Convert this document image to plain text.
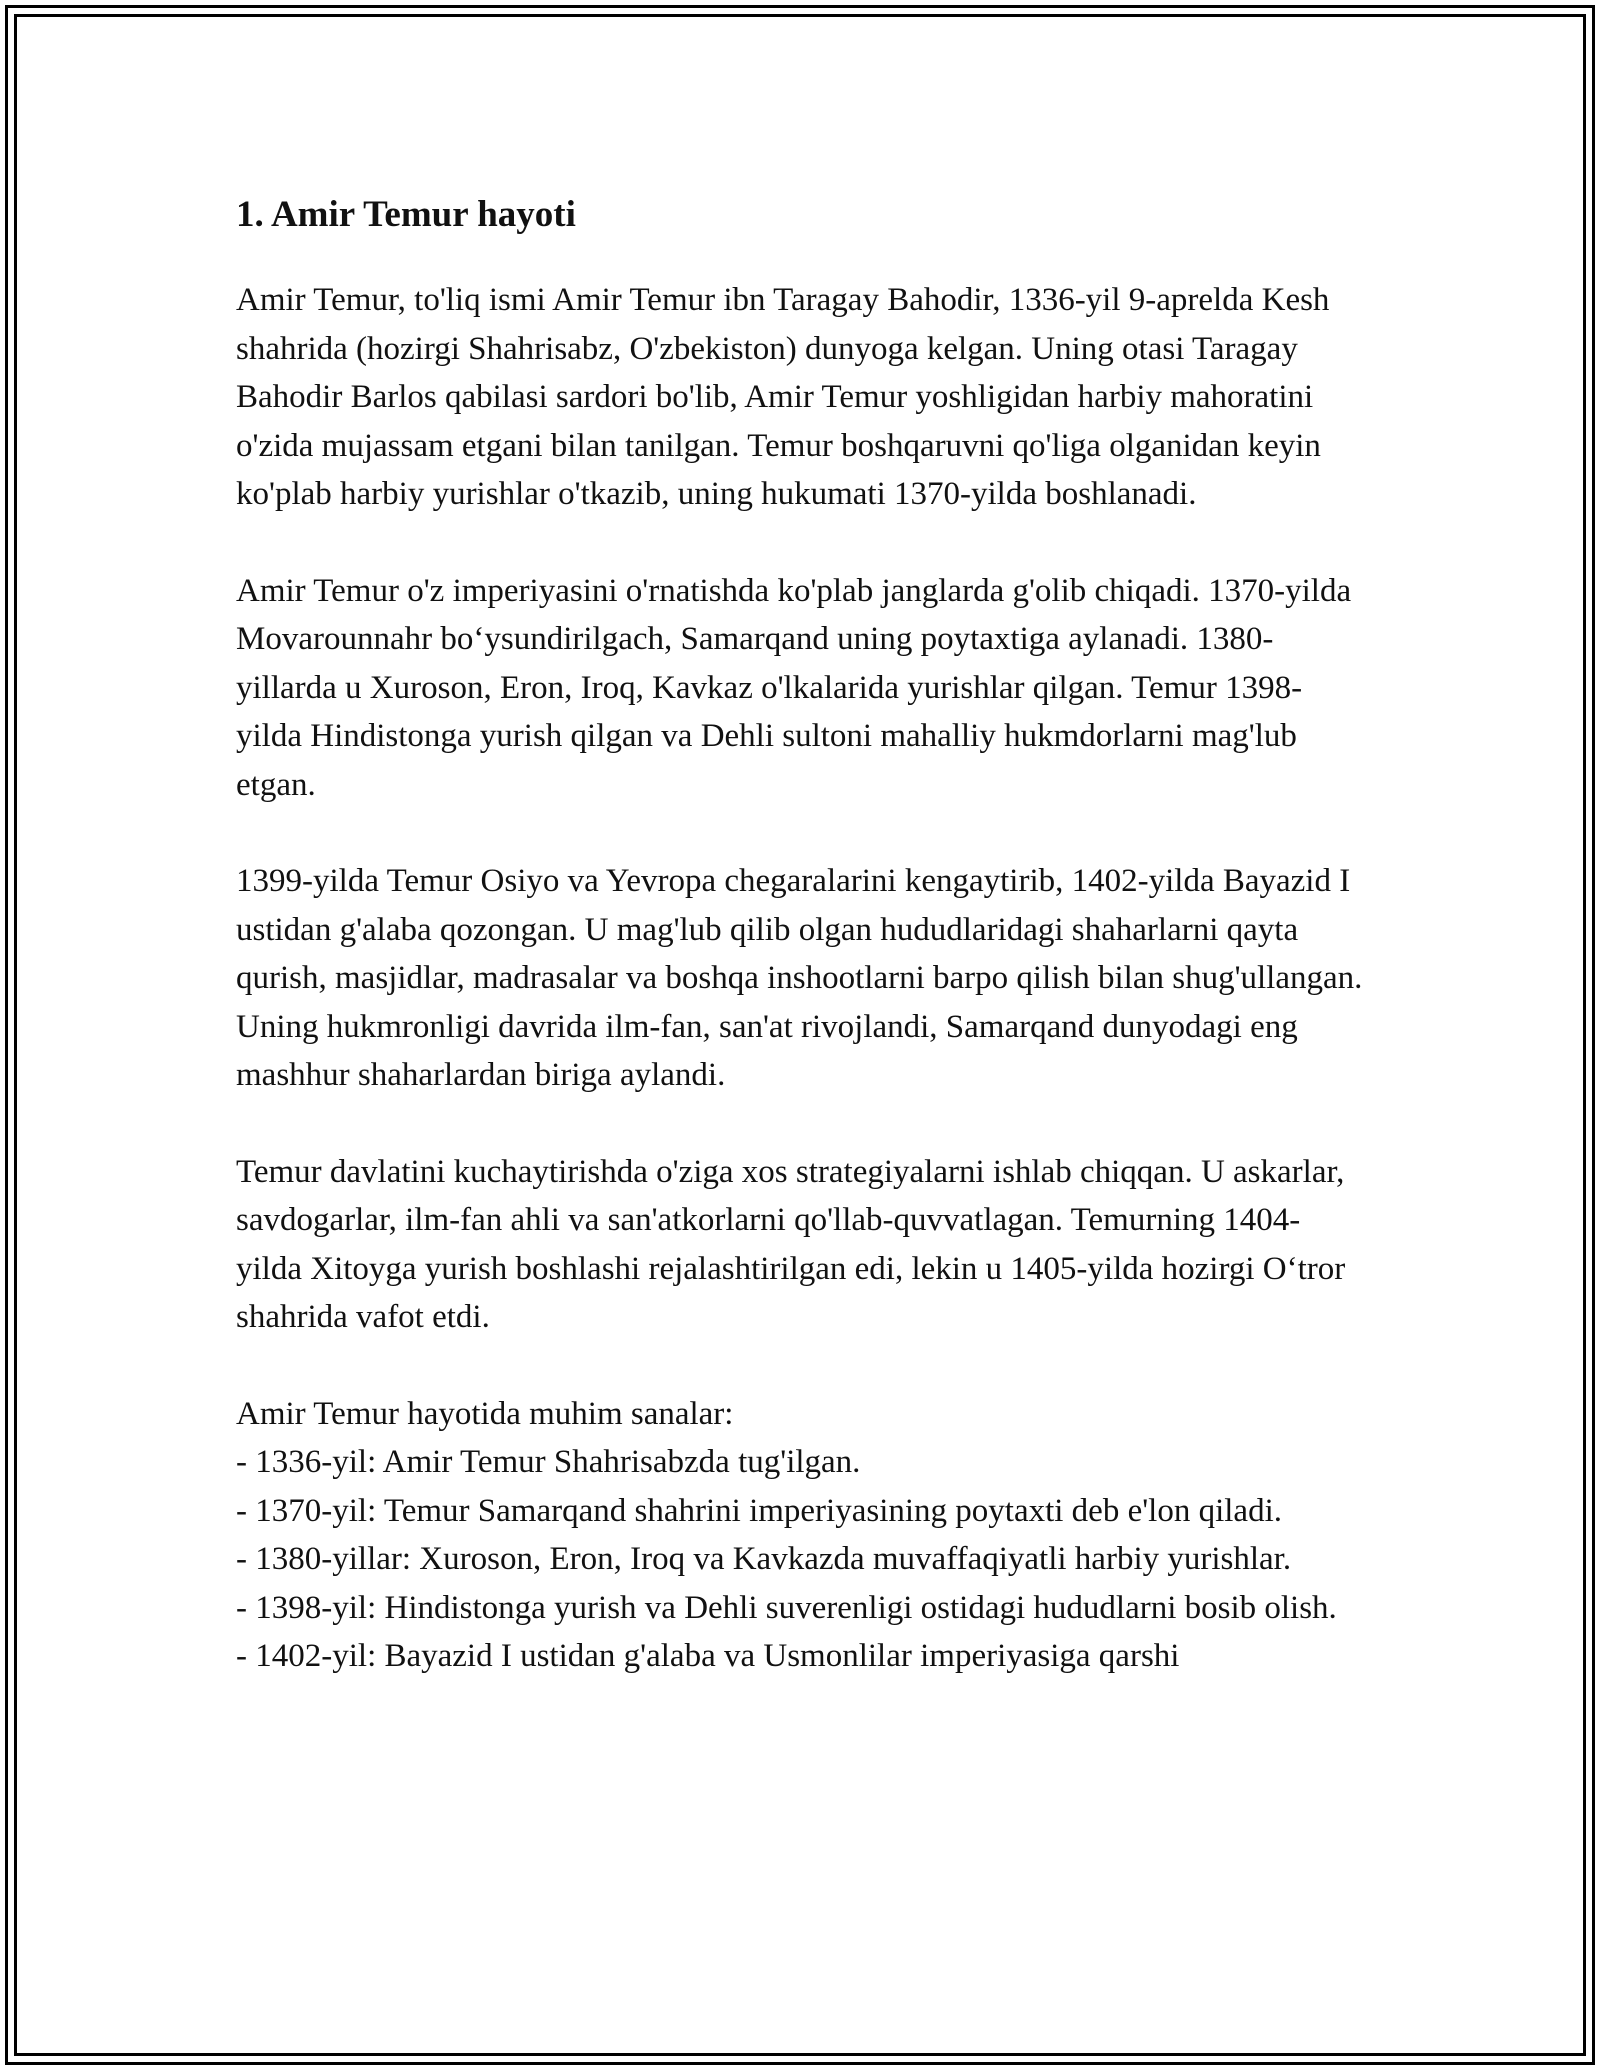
1. Amir Temur hayoti

Amir Temur, to'liq ismi Amir Temur ibn Taragay Bahodir, 1336-yil 9-aprelda Kesh shahrida (hozirgi Shahrisabz, O'zbekiston) dunyoga kelgan. Uning otasi Taragay Bahodir Barlos qabilasi sardori bo'lib, Amir Temur yoshligidan harbiy mahoratini o'zida mujassam etgani bilan tanilgan. Temur boshqaruvni qo'liga olganidan keyin ko'plab harbiy yurishlar o'tkazib, uning hukumati 1370-yilda boshlanadi.

Amir Temur o'z imperiyasini o'rnatishda ko'plab janglarda g'olib chiqadi. 1370-yilda Movarounnahr bo‘ysundirilgach, Samarqand uning poytaxtiga aylanadi. 1380-yillarda u Xuroson, Eron, Iroq, Kavkaz o'lkalarida yurishlar qilgan. Temur 1398-yilda Hindistonga yurish qilgan va Dehli sultoni mahalliy hukmdorlarni mag'lub etgan.

1399-yilda Temur Osiyo va Yevropa chegaralarini kengaytirib, 1402-yilda Bayazid I ustidan g'alaba qozongan. U mag'lub qilib olgan hududlaridagi shaharlarni qayta qurish, masjidlar, madrasalar va boshqa inshootlarni barpo qilish bilan shug'ullangan. Uning hukmronligi davrida ilm-fan, san'at rivojlandi, Samarqand dunyodagi eng mashhur shaharlardan biriga aylandi.

Temur davlatini kuchaytirishda o'ziga xos strategiyalarni ishlab chiqqan. U askarlar, savdogarlar, ilm-fan ahli va san'atkorlarni qo'llab-quvvatlagan. Temurning 1404-yilda Xitoyga yurish boshlashi rejalashtirilgan edi, lekin u 1405-yilda hozirgi O‘tror shahrida vafot etdi.

Amir Temur hayotida muhim sanalar:

- 1336-yil: Amir Temur Shahrisabzda tug'ilgan.
- 1370-yil: Temur Samarqand shahrini imperiyasining poytaxti deb e'lon qiladi.
- 1380-yillar: Xuroson, Eron, Iroq va Kavkazda muvaffaqiyatli harbiy yurishlar.
- 1398-yil: Hindistonga yurish va Dehli suverenligi ostidagi hududlarni bosib olish.
- 1402-yil: Bayazid I ustidan g'alaba va Usmonlilar imperiyasiga qarshi
